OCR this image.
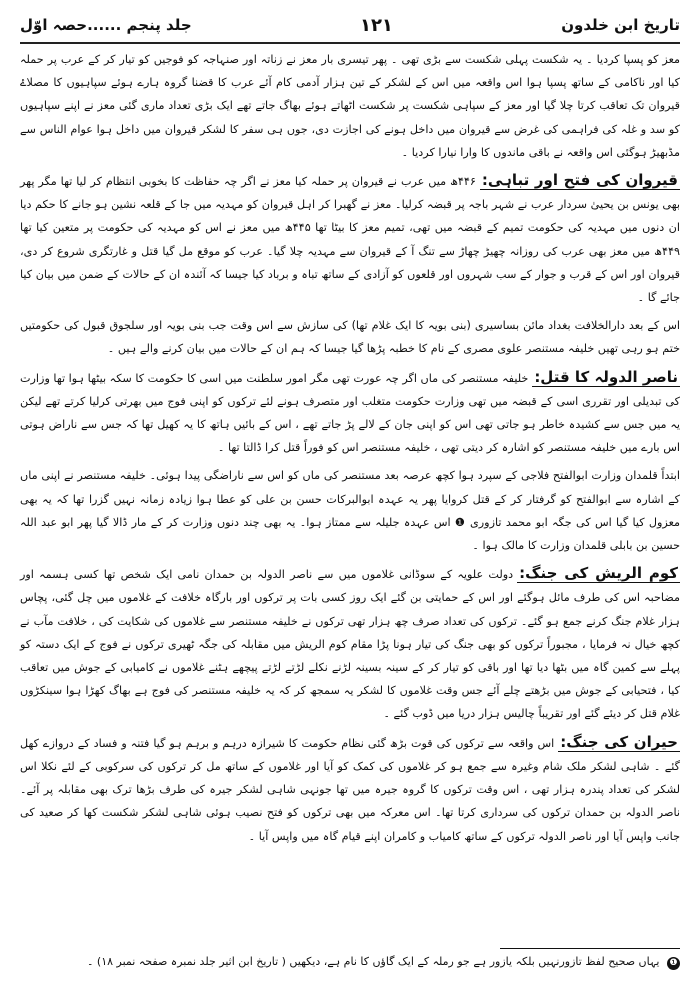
تاریخ ابن خلدون
۱۲۱
جلد پنجم ......حصہ اوّل

معز کو پسپا کردیا ۔ یہ شکست پہلی شکست سے بڑی تھی ۔ پھر تیسری بار معز نے زناتہ اور صنہاجہ کو فوجیں کو تیار کر کے عرب پر حملہ کیا اور ناکامی کے ساتھ پسپا ہوا اس واقعہ میں اس کے لشکر کے تین ہزار آدمی کام آئے عرب کا قضنا گروہ ہارے ہوئے سپاہیوں کا مصلاۓ قیروان تک تعاقب کرتا چلا گیا اور معز کے سپاہی شکست پر شکست اٹھاتے ہوئے بھاگ جاتے تھے ایک بڑی تعداد ماری گئی معز نے اپنے سپاہیوں کو سد و غلہ کی فراہمی کی غرض سے قیروان میں داخل ہونے کی اجازت دی، جوں ہی سفر کا لشکر قیروان میں داخل ہوا عوام الناس سے مڈبھیڑ ہوگئی اس واقعہ نے باقی ماندوں کا وارا نیارا کردیا ۔

قیروان کی فتح اور تباہی:۴۴۶ھ میں عرب نے قیروان پر حملہ کیا معز نے اگر چہ حفاظت کا بخوبی انتظام کر لیا تھا مگر پھر بھی یونس بن یحییٰ سردار عرب نے شہر باجہ پر قبضہ کرلیا۔ معز نے گھبرا کر اہل قیروان کو مہدیہ میں جا کے قلعہ نشین ہو جانے کا حکم دیا ان دنوں میں مہدیہ کی حکومت تمیم کے قبضہ میں تھی، تمیم معز کا بیٹا تھا ۴۴۵ھ میں معز نے اس کو مہدیہ کی حکومت پر متعین کیا تھا ۴۴۹ھ میں معز بھی عرب کی روزانہ چھیڑ چھاڑ سے تنگ آ کے قیروان سے مہدیہ چلا گیا۔ عرب کو موقع مل گیا قتل و غارتگری شروع کر دی، قیروان اور اس کے قرب و جوار کے سب شہروں اور قلعوں کو آزادی کے ساتھ تباہ و برباد کیا جیسا کہ آئندہ ان کے حالات کے ضمن میں بیان کیا جائے گا ۔

اس کے بعد دارالخلافت بغداد مائن بساسیری (بنی بویہ کا ایک غلام تھا) کی سازش سے اس وقت جب بنی بویہ اور سلجوق قبول کی حکومتیں ختم ہو رہی تھیں خلیفہ مستنصر علوی مصری کے نام کا خطبہ پڑھا گیا جیسا کہ ہم ان کے حالات میں بیان کرنے والے ہیں ۔

ناصر الدولہ کا قتل:خلیفہ مستنصر کی ماں اگر چہ عورت تھی مگر امور سلطنت میں اسی کا حکومت کا سکہ بیٹھا ہوا تھا وزارت کی تبدیلی اور تقرری اسی کے قبضہ میں تھی وزارت حکومت متغلب اور متصرف ہونے لئے ترکوں کو اپنی فوج میں بھرتی کرلیا کرتے تھے لیکن یہ میں جس سے کشیدہ خاطر ہو جاتی تھی اس کو اپنی جان کے لالے پڑ جاتے تھے ، اس کے بائیں ہاتھ کا یہ کھیل تھا کہ جس سے ناراض ہوتی اس بارے میں خلیفہ مستنصر کو اشارہ کر دیتی تھی ، خلیفہ مستنصر اس کو فوراً قتل کرا ڈالتا تھا ۔

ابتداً قلمدان وزارت ابوالفتح فلاجی کے سپرد ہوا کچھ عرصہ بعد مستنصر کی ماں کو اس سے ناراضگی پیدا ہوئی۔ خلیفہ مستنصر نے اپنی ماں کے اشارہ سے ابوالفتح کو گرفتار کر کے قتل کروایا پھر یہ عہدہ ابوالبرکات حسن بن علی کو عطا ہوا زیادہ زمانہ نہیں گزرا تھا کہ یہ بھی معزول کیا گیا اس کی جگہ ابو محمد تازوری ❶ اس عہدہ جلیلہ سے ممتاز ہوا۔ یہ بھی چند دنوں وزارت کر کے مار ڈالا گیا پھر ابو عبد اللہ حسین بن بابلی قلمدان وزارت کا مالک ہوا ۔

کوم الریش کی جنگ:دولت علویہ کے سوڈانی غلاموں میں سے ناصر الدولہ بن حمدان نامی ایک شخص تھا کسی ہسمہ اور مضاحبہ اس کی طرف مائل ہوگئے اور اس کے حمایتی بن گئے ایک روز کسی بات پر ترکوں اور بارگاہ خلافت کے غلاموں میں چل گئی، پچاس ہزار غلام جنگ کرنے جمع ہو گئے۔ ترکوں کی تعداد صرف چھ ہزار تھی ترکوں نے خلیفہ مستنصر سے غلاموں کی شکایت کی ، خلافت مآب نے کچھ خیال نہ فرمایا ، مجبوراً ترکوں کو بھی جنگ کی تیار ہونا پڑا مقام کوم الریش میں مقابلہ کی جگہ ٹھیری ترکوں نے فوج کے ایک دستہ کو پہلے سے کمین گاہ میں بٹھا دیا تھا اور باقی کو تیار کر کے سینہ بسینہ لڑنے نکلے لڑتے لڑتے پیچھے ہٹنے غلاموں نے کامیابی کے جوش میں تعاقب کیا ، فتحیابی کے جوش میں بڑھتے چلے آئے جس وقت غلاموں کا لشکر یہ سمجھ کر کہ یہ خلیفہ مستنصر کی فوج ہے بھاگ کھڑا ہوا سینکڑوں غلام قتل کر دیئے گئے اور تقریباً چالیس ہزار دریا میں ڈوب گئے ۔

حیران کی جنگ:اس واقعہ سے ترکوں کی قوت بڑھ گئی نظام حکومت کا شیرازہ درہم و برہم ہو گیا فتنہ و فساد کے دروازے کھل گئے ۔ شاہی لشکر ملک شام وغیرہ سے جمع ہو کر غلاموں کی کمک کو آیا اور غلاموں کے ساتھ مل کر ترکوں کی سرکوبی کے لئے نکلا اس لشکر کی تعداد پندرہ ہزار تھی ، اس وقت ترکوں کا گروہ جیرہ میں تھا جونہی شاہی لشکر جیرہ کی طرف بڑھا ترک بھی مقابلہ پر آئے۔ ناصر الدولہ بن حمدان ترکوں کی سرداری کرتا تھا۔ اس معرکہ میں بھی ترکوں کو فتح نصیب ہوئی شاہی لشکر شکست کھا کر صعید کی جانب واپس آیا اور ناصر الدولہ ترکوں کے ساتھ کامیاب و کامران اپنے قیام گاہ میں واپس آیا ۔

❶ یہاں صحیح لفظ تازورنہیں بلکہ یازور ہے جو رملہ کے ایک گاؤں کا نام ہے، دیکھیں ( تاریخ ابن اثیر جلد نمبرہ صفحہ نمبر ۱۸) ۔
